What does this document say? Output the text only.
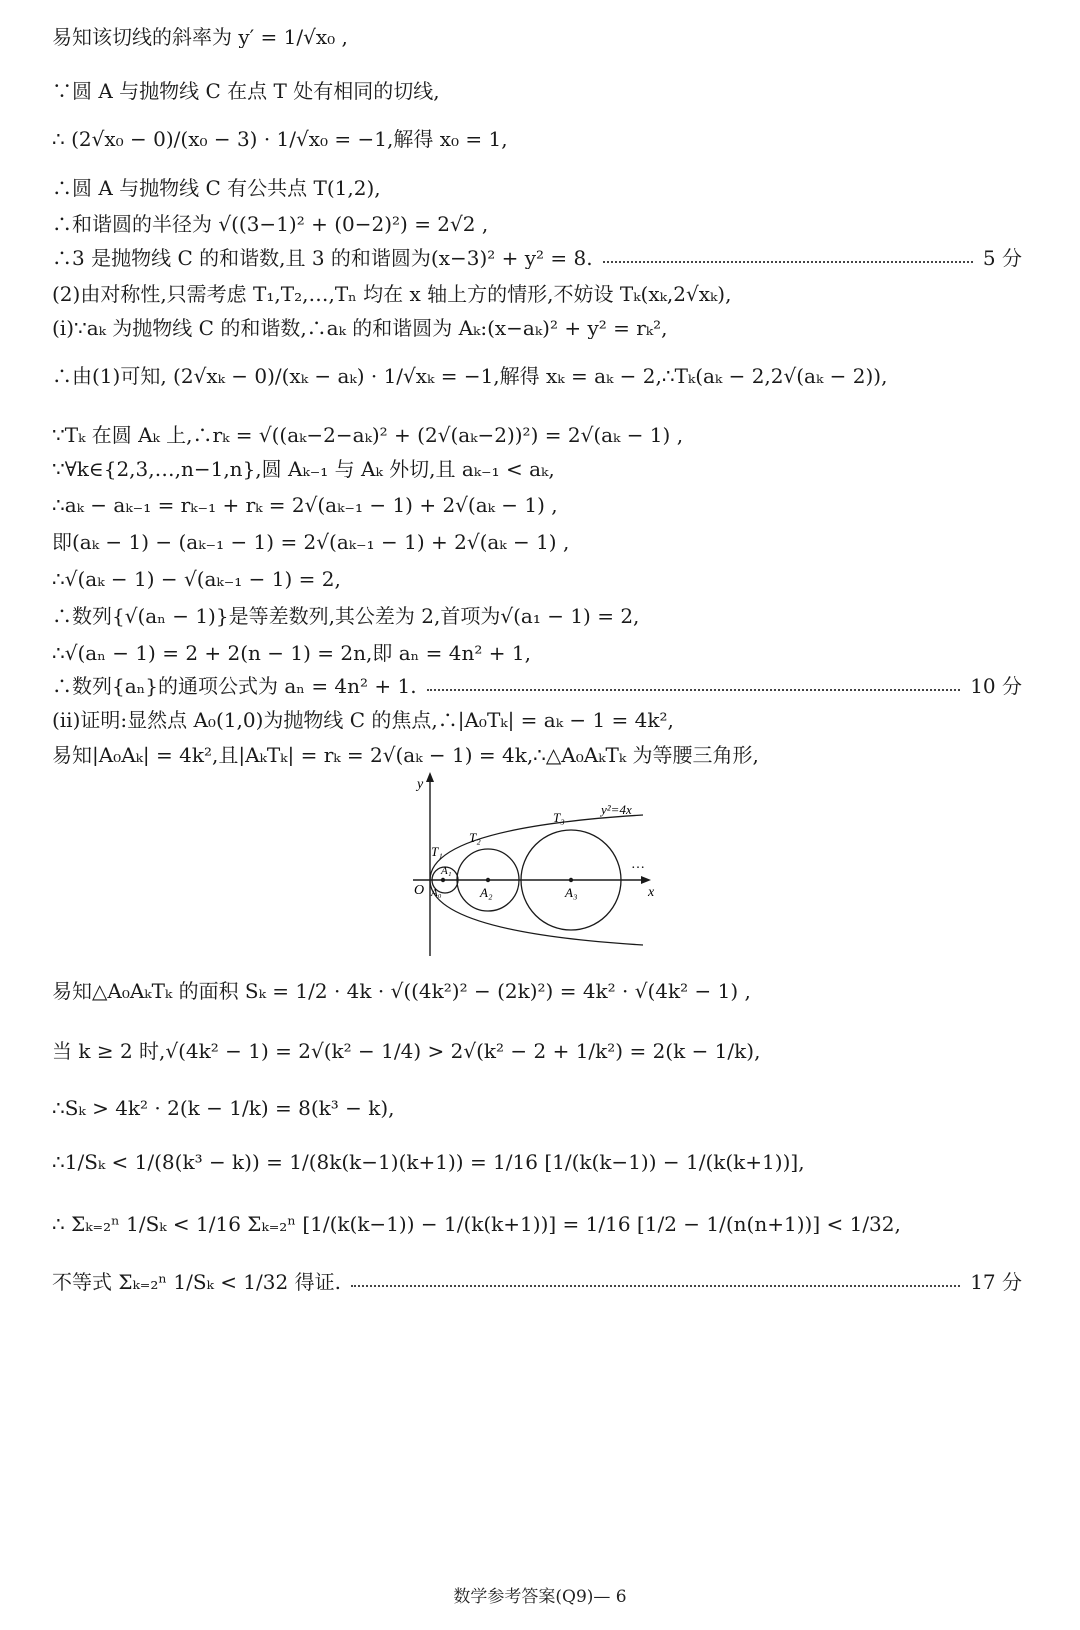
易知该切线的斜率为 y′ = 1/√x₀ ,
∵圆 A 与抛物线 C 在点 T 处有相同的切线,
∴ (2√x₀ − 0)/(x₀ − 3) · 1/√x₀ = −1,解得 x₀ = 1,
∴圆 A 与抛物线 C 有公共点 T(1,2),
∴和谐圆的半径为 √((3−1)² + (0−2)²) = 2√2 ,
∴3 是抛物线 C 的和谐数,且 3 的和谐圆为(x−3)² + y² = 8.	5 分
(2)由对称性,只需考虑 T₁,T₂,…,Tₙ 均在 x 轴上方的情形,不妨设 Tₖ(xₖ,2√xₖ),
(ⅰ)∵aₖ 为抛物线 C 的和谐数,∴aₖ 的和谐圆为 Aₖ:(x−aₖ)² + y² = rₖ²,
∴由(1)可知, (2√xₖ − 0)/(xₖ − aₖ) · 1/√xₖ = −1,解得 xₖ = aₖ − 2,∴Tₖ(aₖ − 2,2√(aₖ − 2)),
∵Tₖ 在圆 Aₖ 上,∴rₖ = √((aₖ−2−aₖ)² + (2√(aₖ−2))²) = 2√(aₖ − 1) ,
∵∀k∈{2,3,…,n−1,n},圆 Aₖ₋₁ 与 Aₖ 外切,且 aₖ₋₁ < aₖ,
∴aₖ − aₖ₋₁ = rₖ₋₁ + rₖ = 2√(aₖ₋₁ − 1) + 2√(aₖ − 1) ,
即(aₖ − 1) − (aₖ₋₁ − 1) = 2√(aₖ₋₁ − 1) + 2√(aₖ − 1) ,
∴√(aₖ − 1) − √(aₖ₋₁ − 1) = 2,
∴数列{√(aₙ − 1)}是等差数列,其公差为 2,首项为√(a₁ − 1) = 2,
∴√(aₙ − 1) = 2 + 2(n − 1) = 2n,即 aₙ = 4n² + 1,
∴数列{aₙ}的通项公式为 aₙ = 4n² + 1.	10 分
(ⅱ)证明:显然点 A₀(1,0)为抛物线 C 的焦点,∴|A₀Tₖ| = aₖ − 1 = 4k²,
易知|A₀Aₖ| = 4k²,且|AₖTₖ| = rₖ = 2√(aₖ − 1) = 4k,∴△A₀AₖTₖ 为等腰三角形,
y
x
O
y²=4x
…
T₁
T₂
T₃
A₀
A₁
A₂	A₃
易知△A₀AₖTₖ 的面积 Sₖ = 1/2 · 4k · √((4k²)² − (2k)²) = 4k² · √(4k² − 1) ,
当 k ≥ 2 时,√(4k² − 1) = 2√(k² − 1/4) > 2√(k² − 2 + 1/k²) = 2(k − 1/k),
∴Sₖ > 4k² · 2(k − 1/k) = 8(k³ − k),
∴1/Sₖ < 1/(8(k³ − k)) = 1/(8k(k−1)(k+1)) = 1/16 [1/(k(k−1)) − 1/(k(k+1))],
∴ Σₖ₌₂ⁿ 1/Sₖ < 1/16 Σₖ₌₂ⁿ [1/(k(k−1)) − 1/(k(k+1))] = 1/16 [1/2 − 1/(n(n+1))] < 1/32,
不等式 Σₖ₌₂ⁿ 1/Sₖ < 1/32 得证.	17 分
数学参考答案(Q9)— 6
